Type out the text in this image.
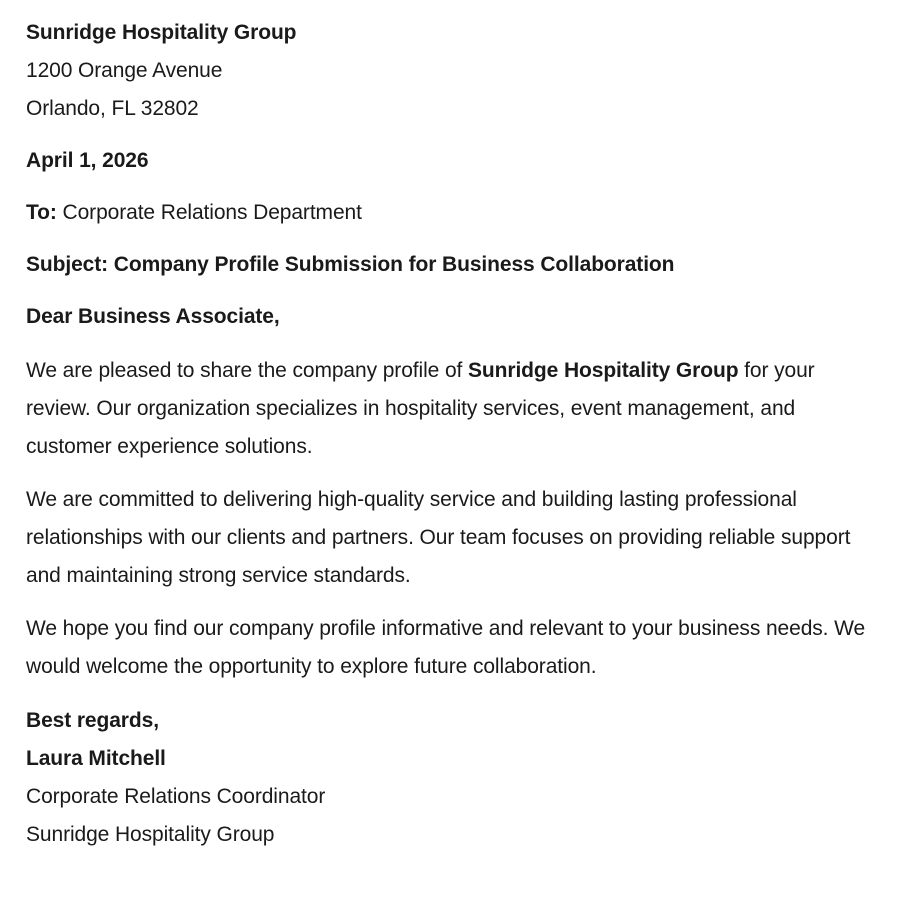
Sunridge Hospitality Group
1200 Orange Avenue
Orlando, FL 32802
April 1, 2026
To: Corporate Relations Department
Subject: Company Profile Submission for Business Collaboration
Dear Business Associate,

We are pleased to share the company profile of Sunridge Hospitality Group for your review. Our organization specializes in hospitality services, event management, and customer experience solutions.

We are committed to delivering high-quality service and building lasting professional relationships with our clients and partners. Our team focuses on providing reliable support and maintaining strong service standards.

We hope you find our company profile informative and relevant to your business needs. We would welcome the opportunity to explore future collaboration.

Best regards,
Laura Mitchell
Corporate Relations Coordinator
Sunridge Hospitality Group
